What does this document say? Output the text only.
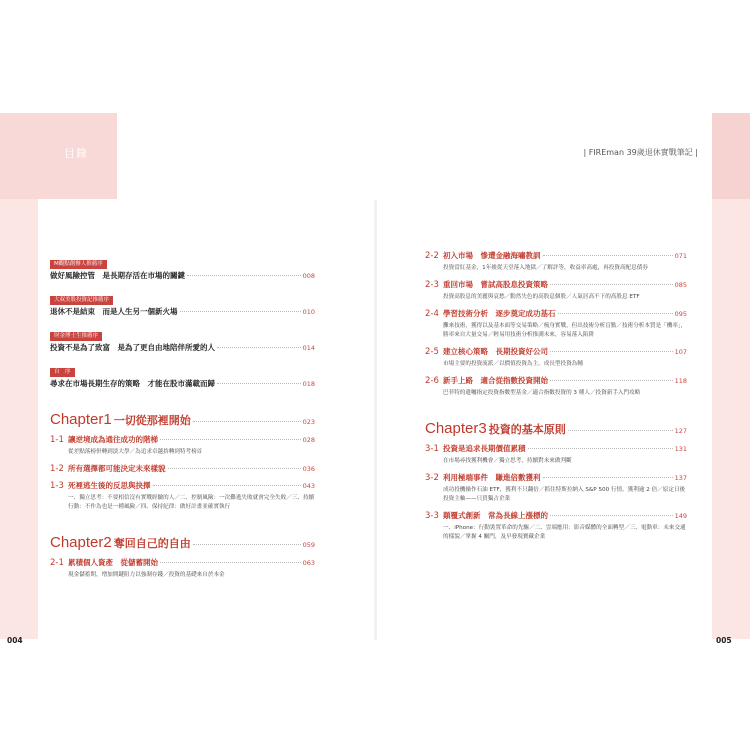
目錄	| FIREman 39歲退休實戰筆記 |
004	005
M觀點創辦人推薦序
做好風險控管　是長期存活在市場的關鍵	008
大叔美股投資記推薦序
退休不是結束　而是人生另一個新火場	010
財金博士生推薦序
投資不是為了致富　是為了更自由地陪伴所愛的人	014
自　序
尋求在市場長期生存的策略　才能在股市滿載而歸	018
Chapter1 一切從那裡開始	023
1-1 讓逆境成為通往成功的階梯	028
從差點落榜併轉到淡大學／為追求卓越拚轉到特考榜首
1-2 所有選擇都可能決定未來樣貌	036
1-3 死裡逃生後的反思與抉擇	043
一、獨立思考：不要相信沒有實戰經驗的人／二、控制風險：一次難逃失敗就會完全失敗／三、持續行動：不作為也是一種風險／四、保持紀律：做好計畫並確實執行
Chapter2 奪回自己的自由	059
2-1 累積個人資產　從儲蓄開始	063
現金儲蓄期，增加開鍵阻力以強制存錢／投資的基礎來自於本金
2-2 初入市場　慘遭金融海嘯教訓	071
投資當紅基金，1年後從天堂落入地獄／了解評等，收益率高處，再投資高配息債券
2-3 重回市場　嘗試高股息投資策略	085
投資高股息的美麗與哀愁／動然失色的高股息個股／人氣居高不下的高股息 ETF
2-4 學習技術分析　逐步奠定成功基石	095
攤來技術，獲得以及基本面等交易策略／梳身實戰，但出技術分析盲點／技術分析本質是「機率」，勝率來自大量交易／輕易用技術分析推測未來，容易落入陷阱
2-5 建立核心策略　長期投資好公司	107
市場主要的投資流派／以價值投資為主，成長型投資為輔
2-6 新手上路　適合從指數投資開始	118
巴菲特的遺囑指定投資指數型基金／適合指數投資的 3 種人／投資新手入門攻略
Chapter3 投資的基本原則	127
3-1 投資是追求長期價值累積	131
在市場尋找獲利機會／獨立思考，持續對未來做判斷
3-2 利用極端事件　賺進倍數獲利	137
成功投機操作石油 ETF，獲利不只翻倍／抓住特斯拉納入 S&P 500 行情，獲利逾 2 倍／原定日後投資主軸——只買獨占企業
3-3 顛覆式創新　常為長線上漲標的	149
一、iPhone：行動裝置革命的先驅／二、雲端應用：影音媒體的全面轉型／三、電動車：未來交通的樣貌／掌握 4 關門，及早發現寶藏企業
